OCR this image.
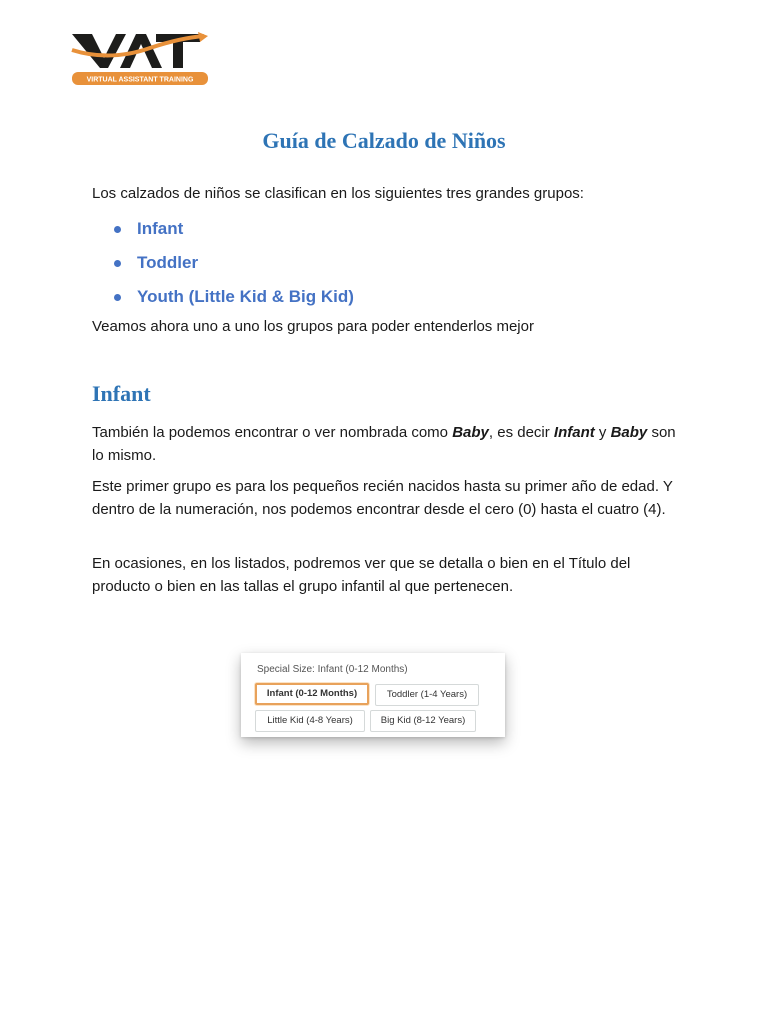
VIRTUAL ASSISTANT TRAINING
Guía de Calzado de Niños

Los calzados de niños se clasifican en los siguientes tres grandes grupos:

Infant
Toddler
Youth (Little Kid & Big Kid)

Veamos ahora uno a uno los grupos para poder entenderlos mejor

Infant

También la podemos encontrar o ver nombrada como Baby, es decir Infant y Baby son lo mismo.

Este primer grupo es para los pequeños recién nacidos hasta su primer año de edad. Y dentro de la numeración, nos podemos encontrar desde el cero (0) hasta el cuatro (4).

En ocasiones, en los listados, podremos ver que se detalla o bien en el Título del producto o bien en las tallas el grupo infantil al que pertenecen.

Special Size: Infant (0-12 Months)
Infant (0-12 Months)	Toddler (1-4 Years)
Little Kid (4-8 Years)	Big Kid (8-12 Years)
